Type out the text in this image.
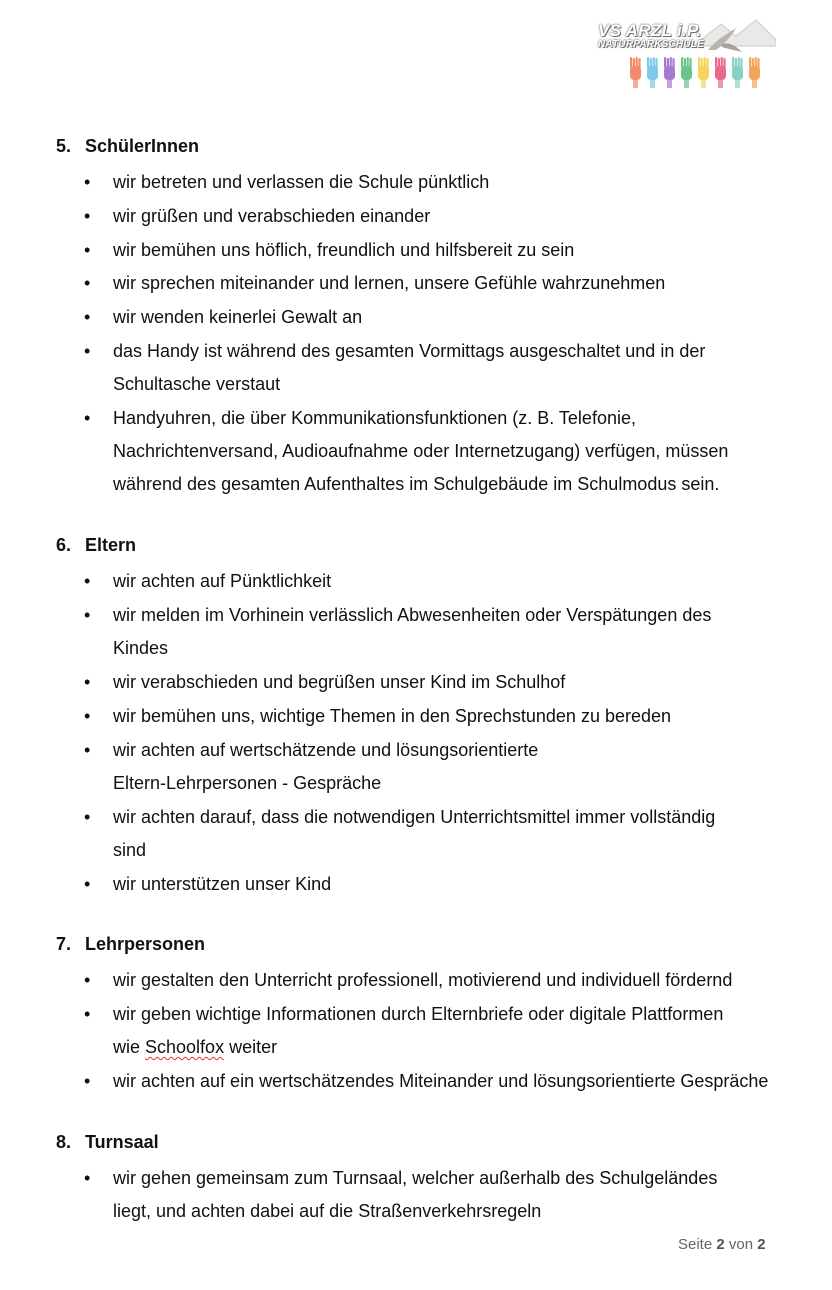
VS ARZL i.P.
NATURPARKSCHULE
5. SchülerInnen
• wir betreten und verlassen die Schule pünktlich
• wir grüßen und verabschieden einander
• wir bemühen uns höflich, freundlich und hilfsbereit zu sein
• wir sprechen miteinander und lernen, unsere Gefühle wahrzunehmen
• wir wenden keinerlei Gewalt an
• das Handy ist während des gesamten Vormittags ausgeschaltet und in der
Schultasche verstaut
• Handyuhren, die über Kommunikationsfunktionen (z. B. Telefonie,
Nachrichtenversand, Audioaufnahme oder Internetzugang) verfügen, müssen
während des gesamten Aufenthaltes im Schulgebäude im Schulmodus sein.
6. Eltern
• wir achten auf Pünktlichkeit
• wir melden im Vorhinein verlässlich Abwesenheiten oder Verspätungen des
Kindes
• wir verabschieden und begrüßen unser Kind im Schulhof
• wir bemühen uns, wichtige Themen in den Sprechstunden zu bereden
• wir achten auf wertschätzende und lösungsorientierte
Eltern-Lehrpersonen - Gespräche
• wir achten darauf, dass die notwendigen Unterrichtsmittel immer vollständig
sind
• wir unterstützen unser Kind
7. Lehrpersonen
• wir gestalten den Unterricht professionell, motivierend und individuell fördernd
• wir geben wichtige Informationen durch Elternbriefe oder digitale Plattformen
wie Schoolfox weiter
• wir achten auf ein wertschätzendes Miteinander und lösungsorientierte Gespräche
8. Turnsaal
• wir gehen gemeinsam zum Turnsaal, welcher außerhalb des Schulgeländes
liegt, und achten dabei auf die Straßenverkehrsregeln
Seite 2 von 2
